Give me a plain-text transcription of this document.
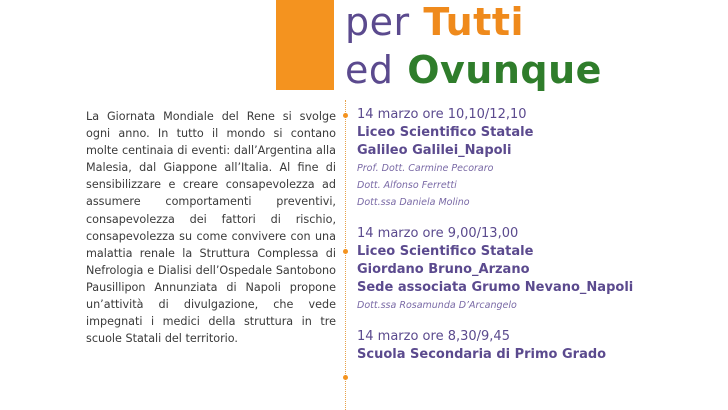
per Tutti
ed Ovunque
La Giornata Mondiale del Rene si svolge ogni anno. In tutto il mondo si contano molte centinaia di eventi: dall’Argentina alla Malesia, dal Giappone all’Italia. Al fine di sensibilizzare e creare consapevolezza ad assumere comportamenti preventivi, consapevolezza dei fattori di rischio, consapevolezza su come convivere con una malattia renale la Struttura Complessa di Nefrologia e Dialisi dell’Ospedale Santobono Pausillipon Annunziata di Napoli propone un’attività di divulgazione, che vede impegnati i medici della struttura in tre scuole Statali del territorio.
14 marzo ore 10,10/12,10
Liceo Scientifico Statale
Galileo Galilei_Napoli
Prof. Dott. Carmine Pecoraro
Dott. Alfonso Ferretti
Dott.ssa Daniela Molino
14 marzo ore 9,00/13,00
Liceo Scientifico Statale
Giordano Bruno_Arzano
Sede associata Grumo Nevano_Napoli
Dott.ssa Rosamunda D’Arcangelo
14 marzo ore 8,30/9,45
Scuola Secondaria di Primo Grado
